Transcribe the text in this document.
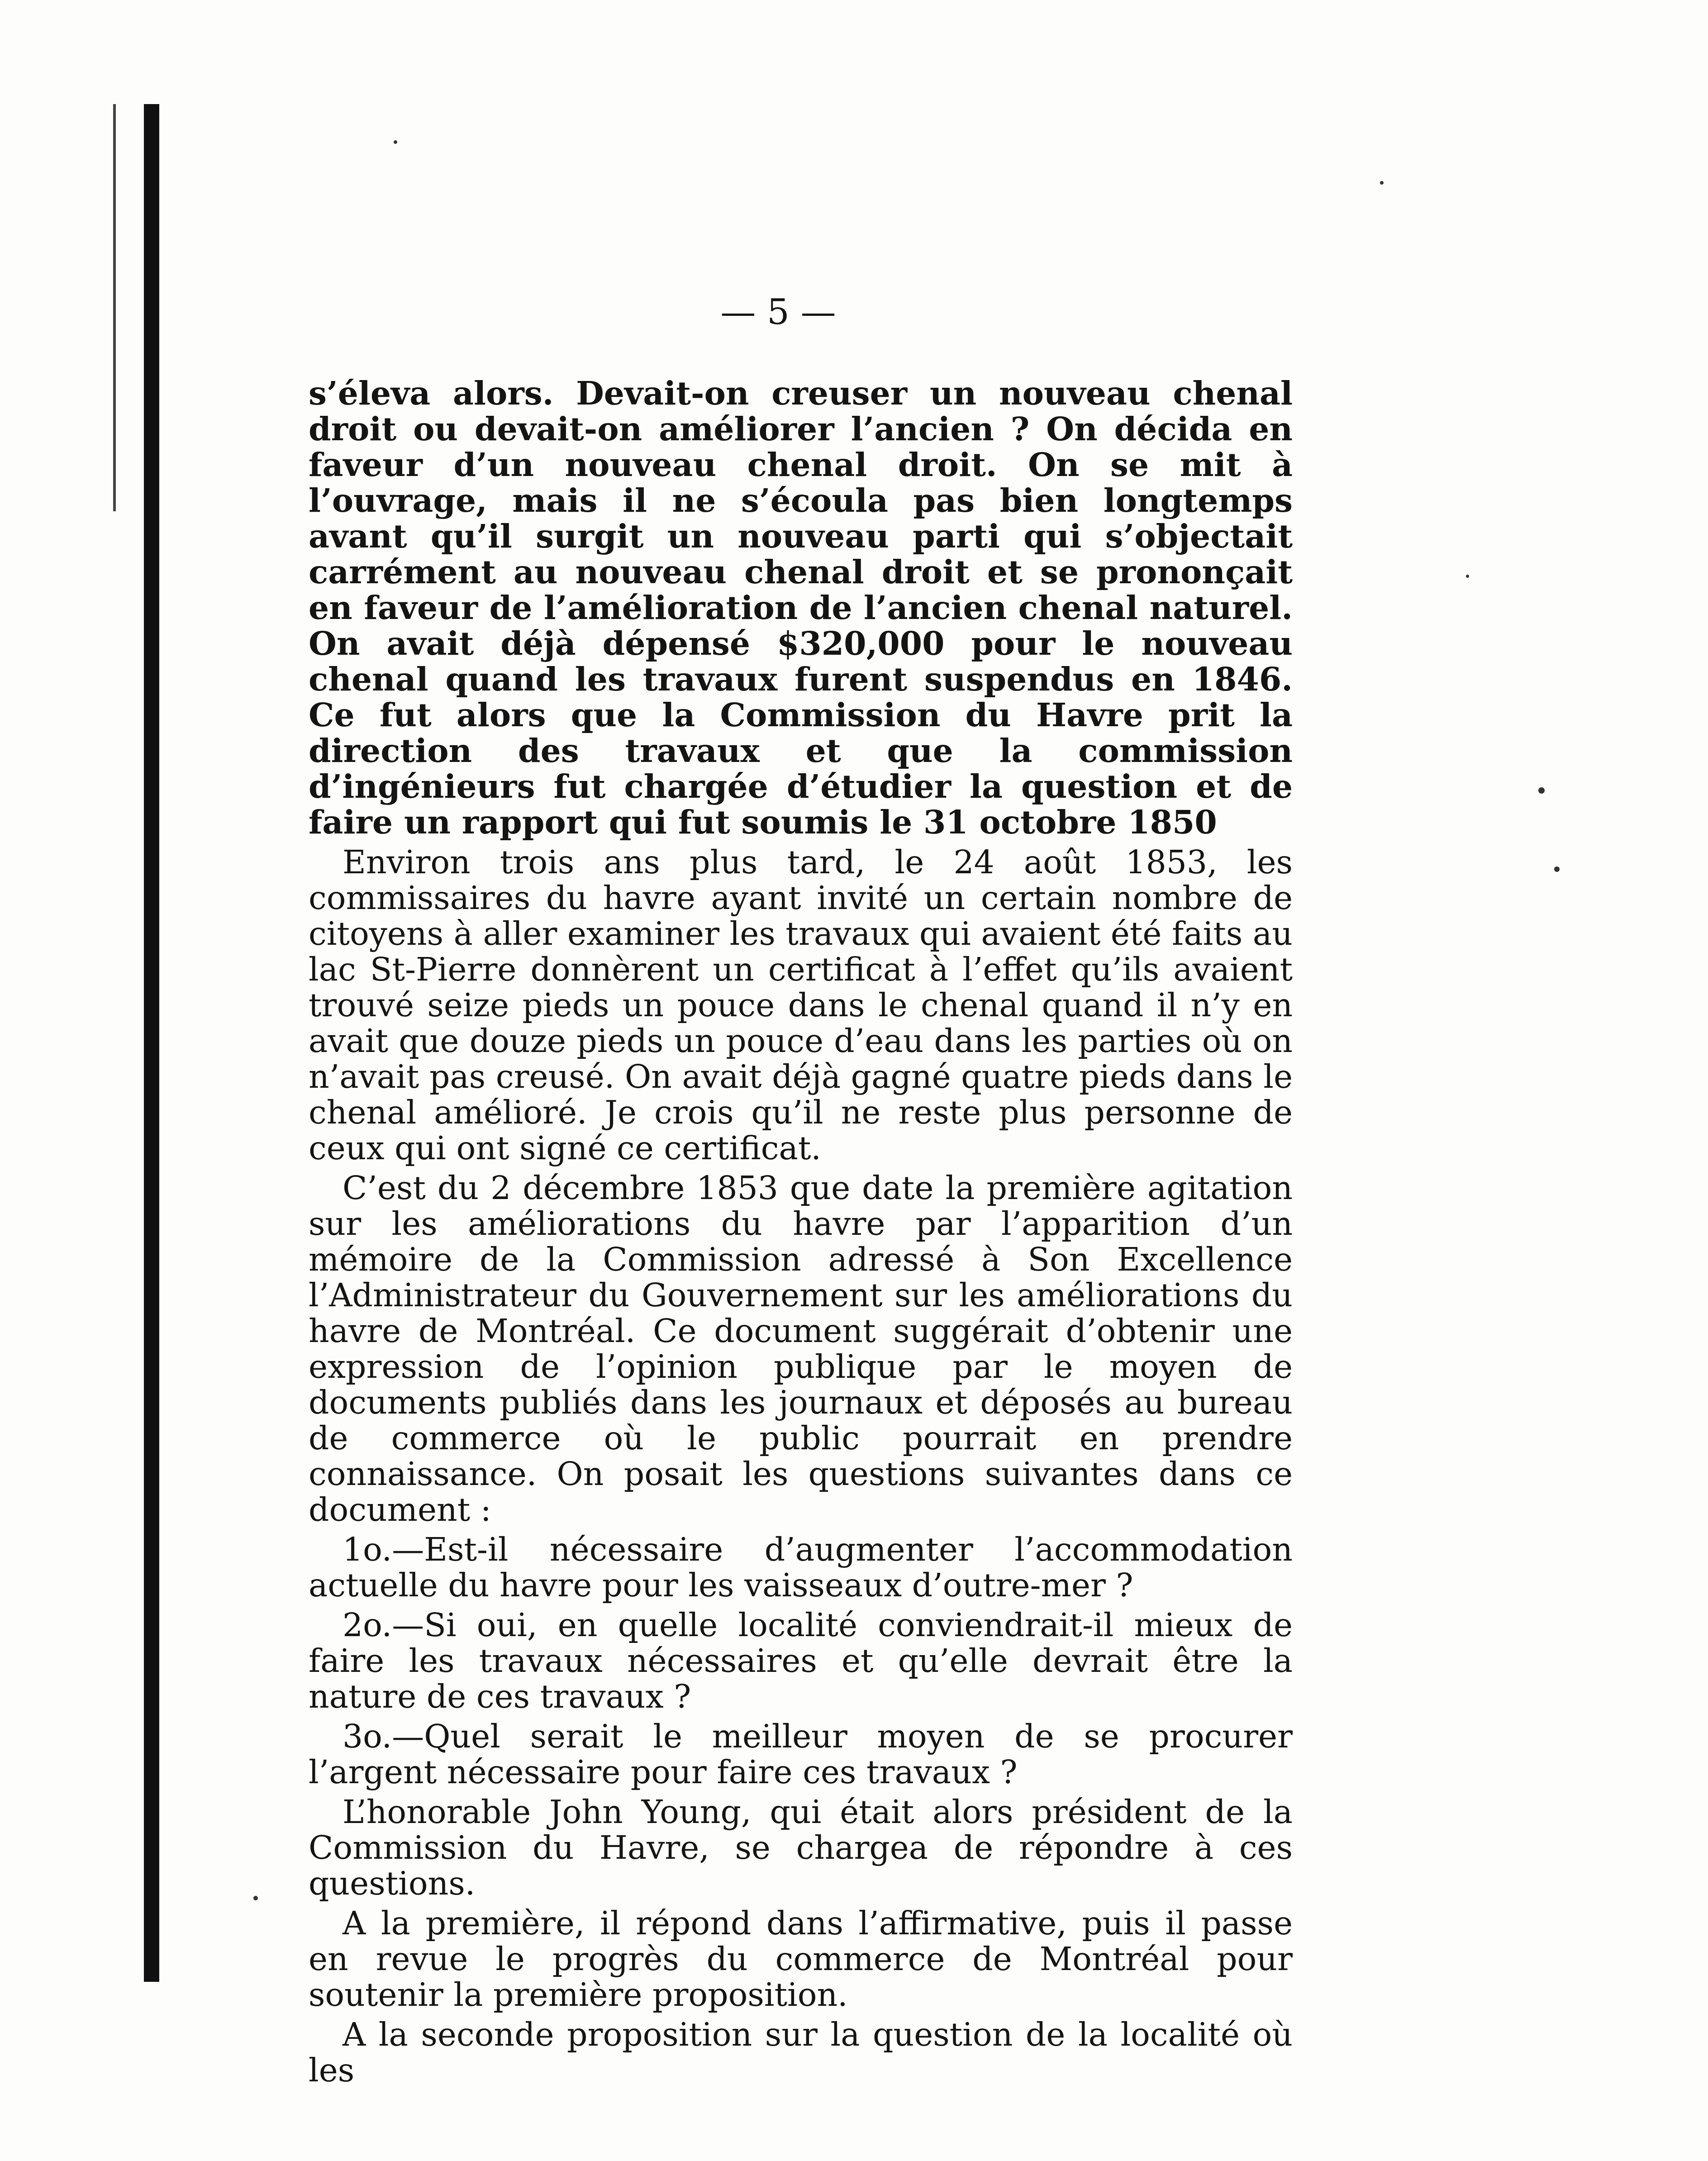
— 5 —

s’éleva alors. Devait-on creuser un nouveau chenal droit ou devait-on améliorer l’ancien ? On décida en faveur d’un nouveau chenal droit. On se mit à l’ouvrage, mais il ne s’écoula pas bien longtemps avant qu’il surgit un nouveau parti qui s’objectait carrément au nouveau chenal droit et se prononçait en faveur de l’amélioration de l’ancien chenal naturel. On avait déjà dépensé $320,000 pour le nouveau chenal quand les travaux furent suspendus en 1846. Ce fut alors que la Commission du Havre prit la direction des travaux et que la commission d’ingénieurs fut chargée d’étudier la question et de faire un rapport qui fut soumis le 31 octobre 1850

Environ trois ans plus tard, le 24 août 1853, les commissaires du havre ayant invité un certain nombre de citoyens à aller examiner les travaux qui avaient été faits au lac St-Pierre donnèrent un certificat à l’effet qu’ils avaient trouvé seize pieds un pouce dans le chenal quand il n’y en avait que douze pieds un pouce d’eau dans les parties où on n’avait pas creusé. On avait déjà gagné quatre pieds dans le chenal amélioré. Je crois qu’il ne reste plus personne de ceux qui ont signé ce certificat.

C’est du 2 décembre 1853 que date la première agitation sur les améliorations du havre par l’apparition d’un mémoire de la Commission adressé à Son Excellence l’Administrateur du Gouvernement sur les améliorations du havre de Montréal. Ce document suggérait d’obtenir une expression de l’opinion publique par le moyen de documents publiés dans les journaux et déposés au bureau de commerce où le public pourrait en prendre connaissance. On posait les questions suivantes dans ce document :

1o.—Est-il nécessaire d’augmenter l’accommodation actuelle du havre pour les vaisseaux d’outre-mer ?

2o.—Si oui, en quelle localité conviendrait-il mieux de faire les travaux nécessaires et qu’elle devrait être la nature de ces travaux ?

3o.—Quel serait le meilleur moyen de se procurer l’argent nécessaire pour faire ces travaux ?

L’honorable John Young, qui était alors président de la Commission du Havre, se chargea de répondre à ces questions.

A la première, il répond dans l’affirmative, puis il passe en revue le progrès du commerce de Montréal pour soutenir la première proposition.

A la seconde proposition sur la question de la localité où les
